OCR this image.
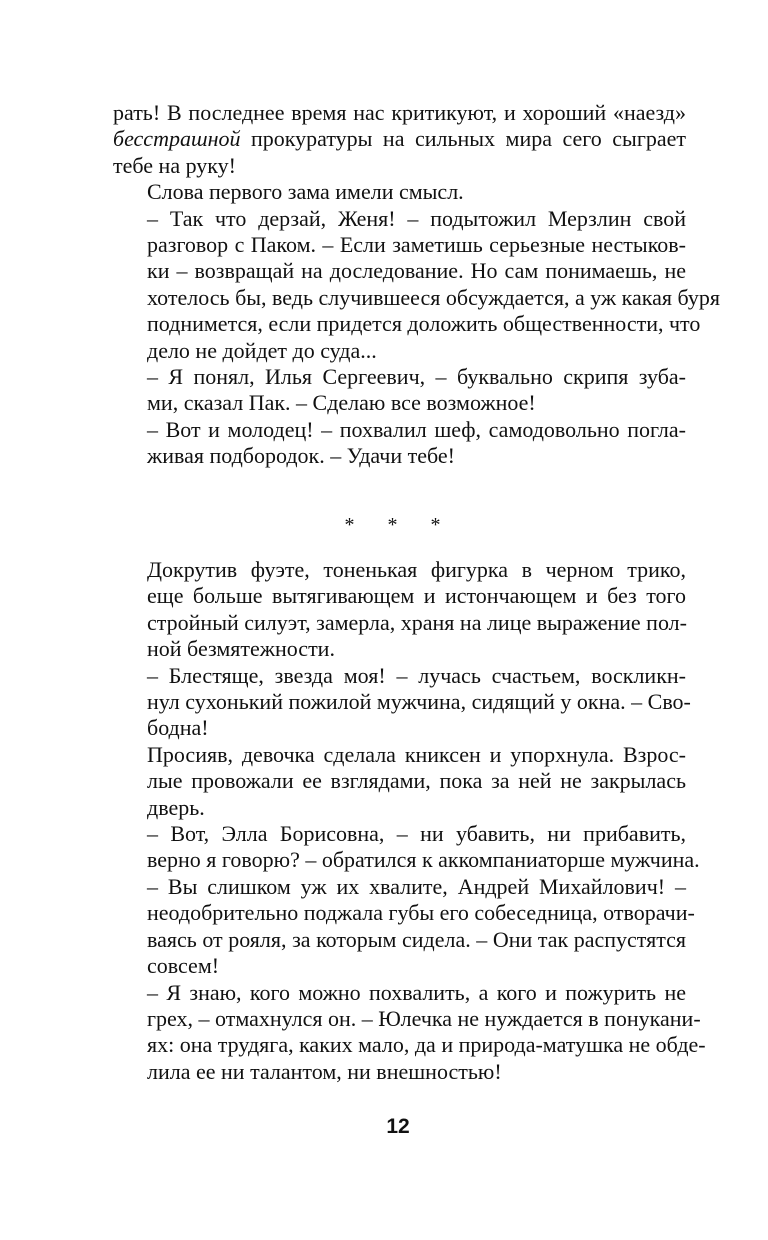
рать! В последнее время нас критикуют, и хороший «наезд»
бесстрашной прокуратуры на сильных мира сего сыграет
тебе на руку!

Слова первого зама имели смысл.

– Так что дерзай, Женя! – подытожил Мерзлин свой
разговор с Паком. – Если заметишь серьезные нестыков-
ки – возвращай на доследование. Но сам понимаешь, не
хотелось бы, ведь случившееся обсуждается, а уж какая буря
поднимется, если придется доложить общественности, что
дело не дойдет до суда...

– Я понял, Илья Сергеевич, – буквально скрипя зуба-
ми, сказал Пак. – Сделаю все возможное!

– Вот и молодец! – похвалил шеф, самодовольно погла-
живая подбородок. – Удачи тебе!

* * *

Докрутив фуэте, тоненькая фигурка в черном трико,
еще больше вытягивающем и истончающем и без того
стройный силуэт, замерла, храня на лице выражение пол-
ной безмятежности.

– Блестяще, звезда моя! – лучась счастьем, воскликн-
нул сухонький пожилой мужчина, сидящий у окна. – Сво-
бодна!

Просияв, девочка сделала книксен и упорхнула. Взрос-
лые провожали ее взглядами, пока за ней не закрылась
дверь.

– Вот, Элла Борисовна, – ни убавить, ни прибавить,
верно я говорю? – обратился к аккомпаниаторше мужчина.

– Вы слишком уж их хвалите, Андрей Михайлович! –
неодобрительно поджала губы его собеседница, отворачи-
ваясь от рояля, за которым сидела. – Они так распустятся
совсем!

– Я знаю, кого можно похвалить, а кого и пожурить не
грех, – отмахнулся он. – Юлечка не нуждается в понукани-
ях: она трудяга, каких мало, да и природа-матушка не обде-
лила ее ни талантом, ни внешностью!

12
